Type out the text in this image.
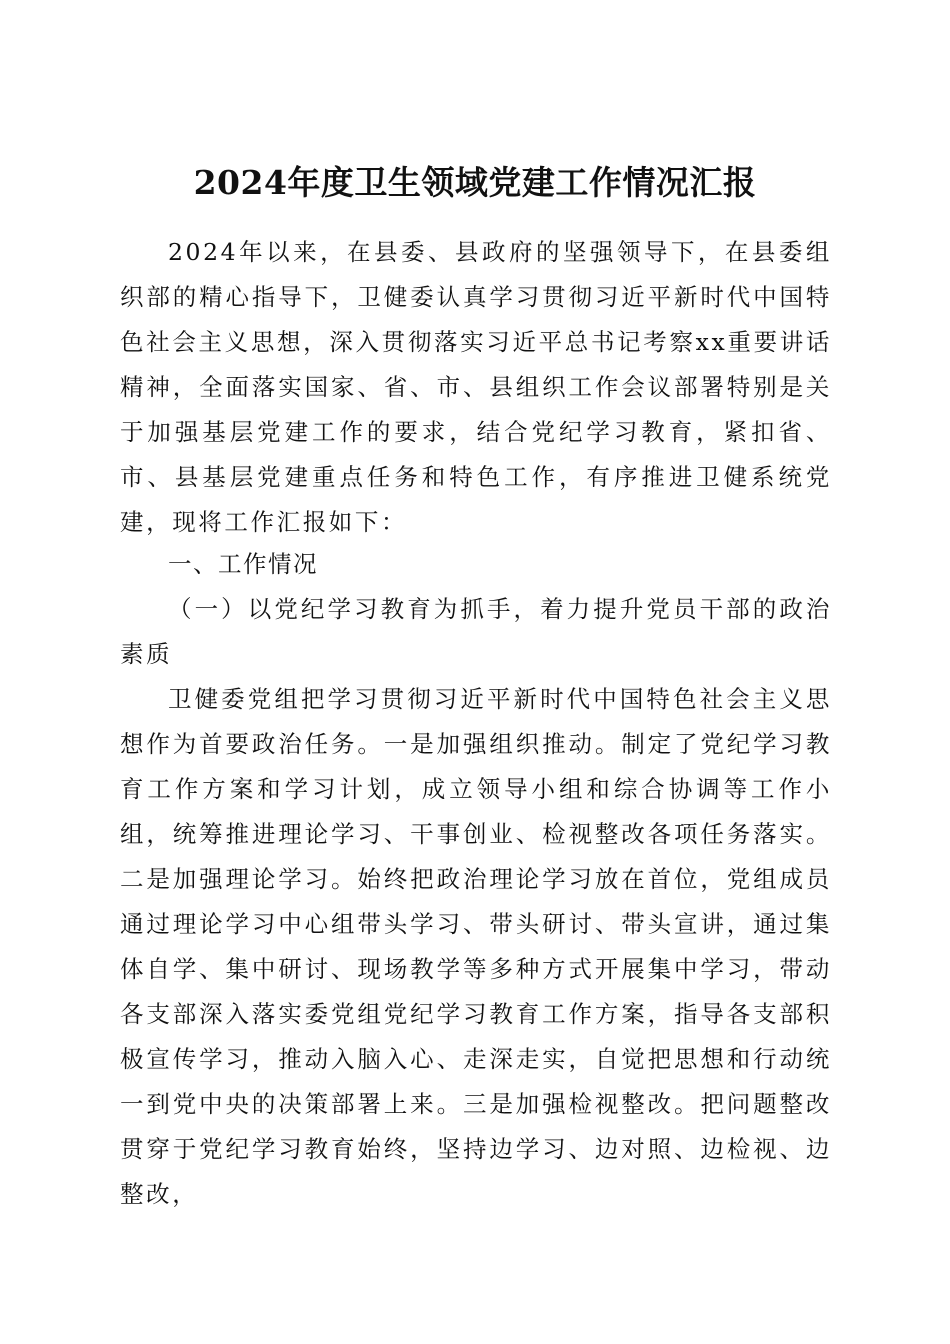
2024年度卫生领域党建工作情况汇报

2024年以来，在县委、县政府的坚强领导下，在县委组织部的精心指导下，卫健委认真学习贯彻习近平新时代中国特色社会主义思想，深入贯彻落实习近平总书记考察xx重要讲话精神，全面落实国家、省、市、县组织工作会议部署特别是关于加强基层党建工作的要求，结合党纪学习教育，紧扣省、市、县基层党建重点任务和特色工作，有序推进卫健系统党建，现将工作汇报如下：

一、工作情况
（一）以党纪学习教育为抓手，着力提升党员干部的政治素质

卫健委党组把学习贯彻习近平新时代中国特色社会主义思想作为首要政治任务。一是加强组织推动。制定了党纪学习教育工作方案和学习计划，成立领导小组和综合协调等工作小组，统筹推进理论学习、干事创业、检视整改各项任务落实。二是加强理论学习。始终把政治理论学习放在首位，党组成员通过理论学习中心组带头学习、带头研讨、带头宣讲，通过集体自学、集中研讨、现场教学等多种方式开展集中学习，带动各支部深入落实委党组党纪学习教育工作方案，指导各支部积极宣传学习，推动入脑入心、走深走实，自觉把思想和行动统一到党中央的决策部署上来。三是加强检视整改。把问题整改贯穿于党纪学习教育始终，坚持边学习、边对照、边检视、边整改，
